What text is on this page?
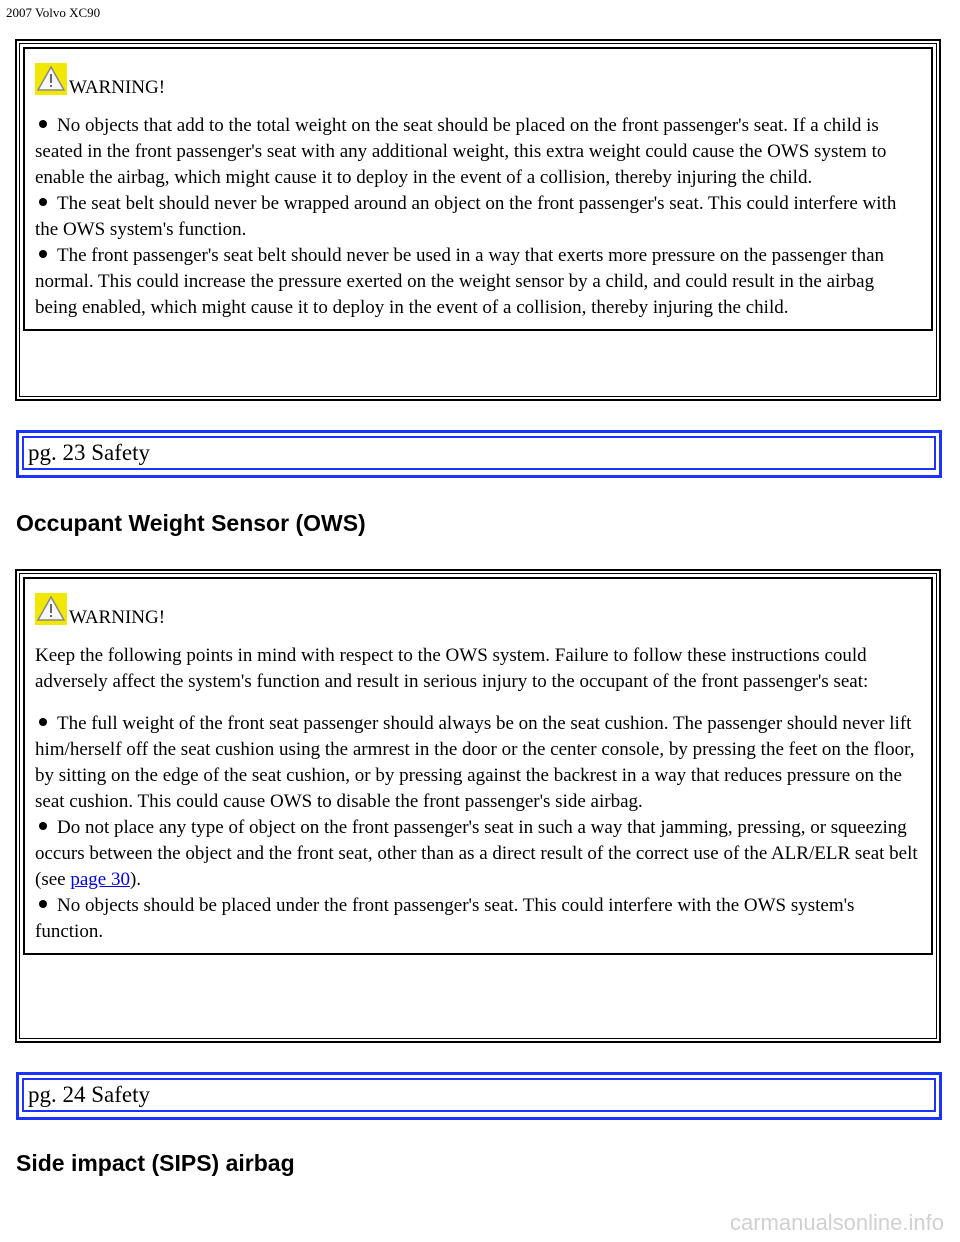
2007 Volvo XC90
WARNING!

No objects that add to the total weight on the seat should be placed on the front passenger's seat. If a child is seated in the front passenger's seat with any additional weight, this extra weight could cause the OWS system to enable the airbag, which might cause it to deploy in the event of a collision, thereby injuring the child.

The seat belt should never be wrapped around an object on the front passenger's seat. This could interfere with the OWS system's function.

The front passenger's seat belt should never be used in a way that exerts more pressure on the passenger than normal. This could increase the pressure exerted on the weight sensor by a child, and could result in the airbag being enabled, which might cause it to deploy in the event of a collision, thereby injuring the child.

pg. 23 Safety
Occupant Weight Sensor (OWS)
WARNING!

Keep the following points in mind with respect to the OWS system. Failure to follow these instructions could adversely affect the system's function and result in serious injury to the occupant of the front passenger's seat:

The full weight of the front seat passenger should always be on the seat cushion. The passenger should never lift him/herself off the seat cushion using the armrest in the door or the center console, by pressing the feet on the floor, by sitting on the edge of the seat cushion, or by pressing against the backrest in a way that reduces pressure on the seat cushion. This could cause OWS to disable the front passenger's side airbag.

Do not place any type of object on the front passenger's seat in such a way that jamming, pressing, or squeezing occurs between the object and the front seat, other than as a direct result of the correct use of the ALR/ELR seat belt (see page 30).

No objects should be placed under the front passenger's seat. This could interfere with the OWS system's function.

pg. 24 Safety
Side impact (SIPS) airbag
carmanualsonline.info
